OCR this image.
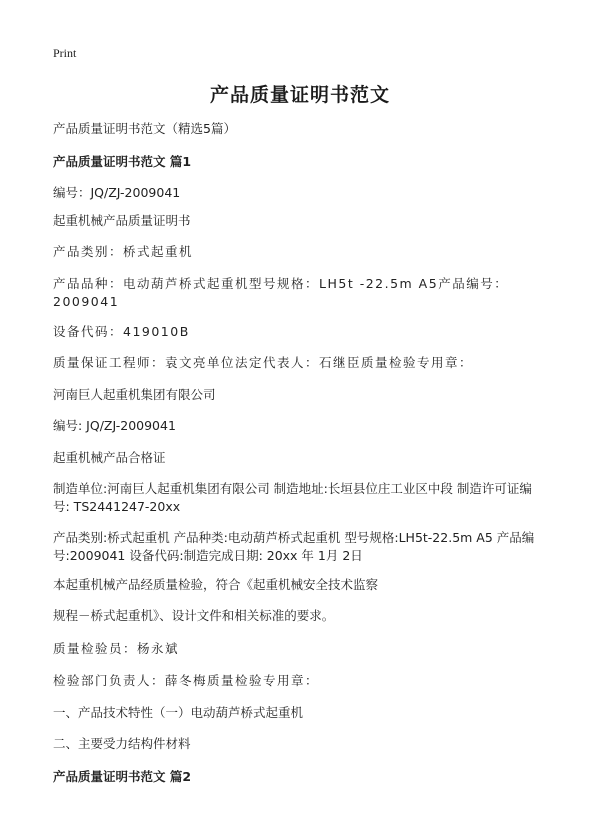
Print
产品质量证明书范文
产品质量证明书范文（精选5篇）
产品质量证明书范文 篇1
编号：JQ/ZJ-2009041
起重机械产品质量证明书
产品类别：桥式起重机
产品品种：电动葫芦桥式起重机型号规格：LH5t -22.5m A5产品编号：2009041
设备代码：419010B
质量保证工程师：袁文亮单位法定代表人：石继臣质量检验专用章：
河南巨人起重机集团有限公司
编号: JQ/ZJ-2009041
起重机械产品合格证
制造单位:河南巨人起重机集团有限公司 制造地址:长垣县位庄工业区中段 制造许可证编号: TS2441247-20xx
产品类别:桥式起重机 产品种类:电动葫芦桥式起重机 型号规格:LH5t-22.5m A5 产品编号:2009041 设备代码:制造完成日期: 20xx 年 1月 2日
本起重机械产品经质量检验，符合《起重机械安全技术监察
规程－桥式起重机》、设计文件和相关标准的要求。
质量检验员：杨永斌
检验部门负责人：薛冬梅质量检验专用章：
一、产品技术特性（一）电动葫芦桥式起重机
二、主要受力结构件材料
产品质量证明书范文 篇2
